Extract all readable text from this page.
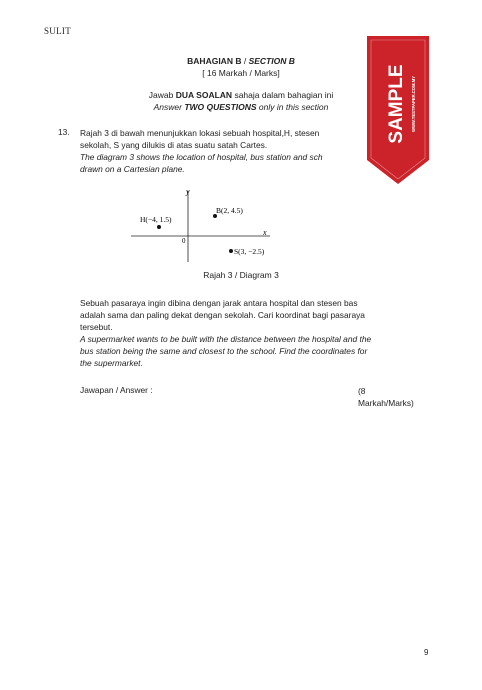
SULIT
BAHAGIAN B / SECTION B
[ 16 Markah / Marks]
Jawab DUA SOALAN sahaja dalam bahagian ini
Answer TWO QUESTIONS only in this section
13. Rajah 3 di bawah menunjukkan lokasi sebuah hospital,H, stesen
sekolah, S yang dilukis di atas suatu satah Cartes.
The diagram 3 shows the location of hospital, bus station and sch
drawn on a Cartesian plane.
y
x
0
H(−4, 1.5)
B(2, 4.5)
S(3, −2.5)
Rajah 3 / Diagram 3
Sebuah pasaraya ingin dibina dengan jarak antara hospital dan stesen bas
adalah sama dan paling dekat dengan sekolah. Cari koordinat bagi pasaraya
tersebut.
A supermarket wants to be built with the distance between the hospital and the
bus station being the same and closest to the school. Find the coordinates for
the supermarket.
Jawapan / Answer :	(8
Markah/Marks)
SAMPLE WWW.TESTPAPER.COM.MY
9
